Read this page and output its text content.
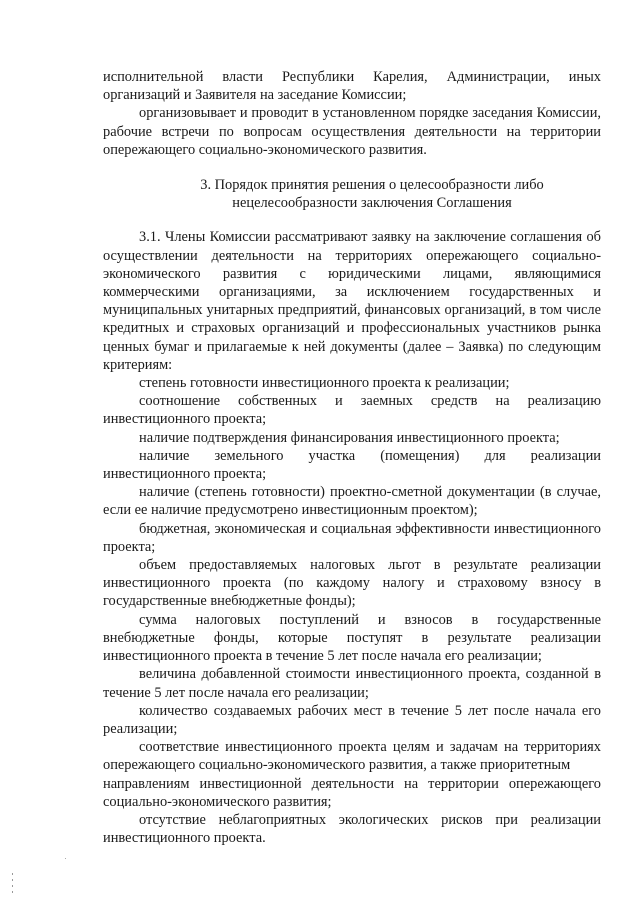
исполнительной власти Республики Карелия, Администрации, иных организаций и Заявителя на заседание Комиссии;

организовывает и проводит в установленном порядке заседания Комиссии, рабочие встречи по вопросам осуществления деятельности на территории опережающего социально-экономического развития.

3. Порядок принятия решения о целесообразности либо
нецелесообразности заключения Соглашения

3.1. Члены Комиссии рассматривают заявку на заключение соглашения об осуществлении деятельности на территориях опережающего социально-экономического развития с юридическими лицами, являющимися коммерческими организациями, за исключением государственных и муниципальных унитарных предприятий, финансовых организаций, в том числе кредитных и страховых организаций и профессиональных участников рынка ценных бумаг и прилагаемые к ней документы (далее – Заявка) по следующим критериям:

степень готовности инвестиционного проекта к реализации;

соотношение собственных и заемных средств на реализацию инвестиционного проекта;

наличие подтверждения финансирования инвестиционного проекта;

наличие земельного участка (помещения) для реализации инвестиционного проекта;

наличие (степень готовности) проектно-сметной документации (в случае, если ее наличие предусмотрено инвестиционным проектом);

бюджетная, экономическая и социальная эффективности инвестиционного проекта;

объем предоставляемых налоговых льгот в результате реализации инвестиционного проекта (по каждому налогу и страховому взносу в государственные внебюджетные фонды);

сумма налоговых поступлений и взносов в государственные внебюджетные фонды, которые поступят в результате реализации инвестиционного проекта в течение 5 лет после начала его реализации;

величина добавленной стоимости инвестиционного проекта, созданной в течение 5 лет после начала его реализации;

количество создаваемых рабочих мест в течение 5 лет после начала его реализации;

соответствие инвестиционного проекта целям и задачам на территориях опережающего социально-экономического развития, а также приоритетным

направлениям инвестиционной деятельности на территории опережающего социально-экономического развития;

отсутствие неблагоприятных экологических рисков при реализации инвестиционного проекта.
